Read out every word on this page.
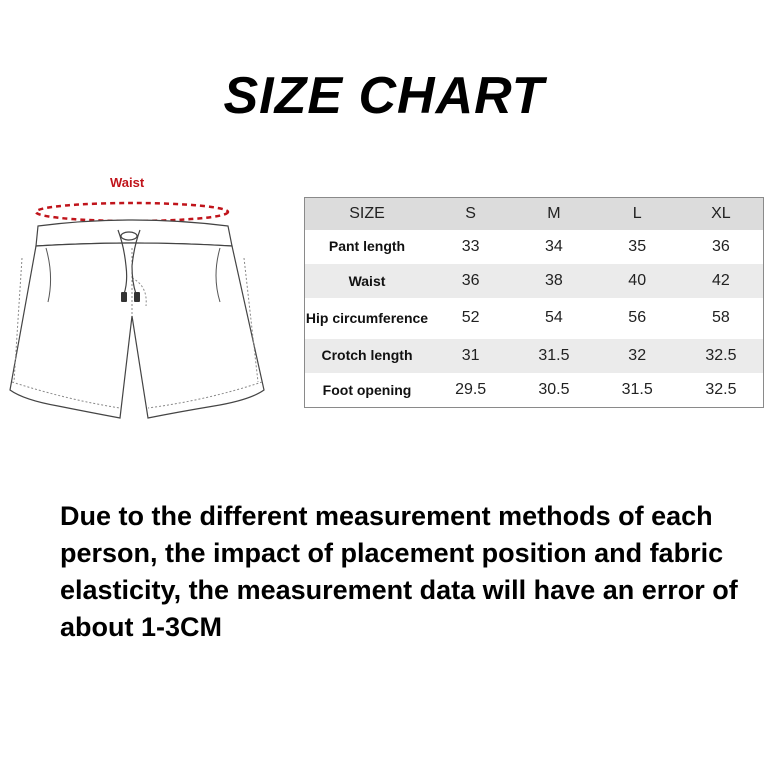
SIZE CHART
Waist
SIZE	S	M	L	XL
Pant length	33	34	35	36
Waist	36	38	40	42
Hip circumference	52	54	56	58
Crotch length	31	31.5	32	32.5
Foot opening	29.5	30.5	31.5	32.5

Due to the different measurement methods of each person, the impact of placement position and fabric elasticity, the measurement data will have an error of about 1-3CM
